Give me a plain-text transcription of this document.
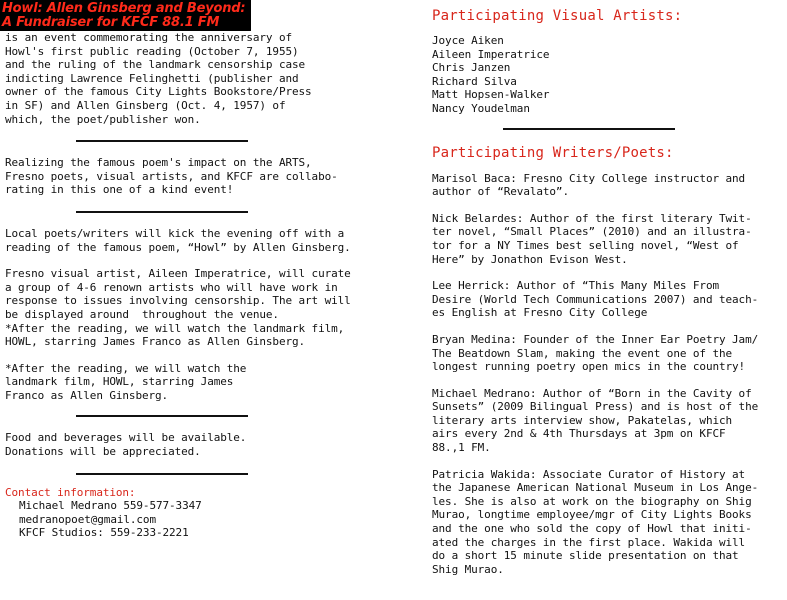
Howl: Allen Ginsberg and Beyond:
A Fundraiser for KFCF 88.1 FM

is an event commemorating the anniversary of
Howl's first public reading (October 7, 1955)
and the ruling of the landmark censorship case
indicting Lawrence Felinghetti (publisher and
owner of the famous City Lights Bookstore/Press
in SF) and Allen Ginsberg (Oct. 4, 1957) of
which, the poet/publisher won.

Realizing the famous poem's impact on the ARTS,
Fresno poets, visual artists, and KFCF are collabo-
rating in this one of a kind event!

Local poets/writers will kick the evening off with a
reading of the famous poem, “Howl” by Allen Ginsberg.

Fresno visual artist, Aileen Imperatrice, will curate
a group of 4-6 renown artists who will have work in
response to issues involving censorship. The art will
be displayed around  throughout the venue.
*After the reading, we will watch the landmark film,
HOWL, starring James Franco as Allen Ginsberg.

*After the reading, we will watch the
landmark film, HOWL, starring James
Franco as Allen Ginsberg.

Food and beverages will be available.
Donations will be appreciated.

Contact information:

Michael Medrano 559-577-3347

medranopoet@gmail.com

KFCF Studios: 559-233-2221

Participating Visual Artists:

Joyce Aiken

Aileen Imperatrice

Chris Janzen

Richard Silva

Matt Hopsen-Walker

Nancy Youdelman

Participating Writers/Poets:

Marisol Baca: Fresno City College instructor and
author of “Revalato”.

Nick Belardes: Author of the first literary Twit-
ter novel, “Small Places” (2010) and an illustra-
tor for a NY Times best selling novel, “West of
Here” by Jonathon Evison West.

Lee Herrick: Author of “This Many Miles From
Desire (World Tech Communications 2007) and teach-
es English at Fresno City College

Bryan Medina: Founder of the Inner Ear Poetry Jam/
The Beatdown Slam, making the event one of the
longest running poetry open mics in the country!

Michael Medrano: Author of “Born in the Cavity of
Sunsets” (2009 Bilingual Press) and is host of the
literary arts interview show, Pakatelas, which
airs every 2nd & 4th Thursdays at 3pm on KFCF
88.,1 FM.

Patricia Wakida: Associate Curator of History at
the Japanese American National Museum in Los Ange-
les. She is also at work on the biography on Shig
Murao, longtime employee/mgr of City Lights Books
and the one who sold the copy of Howl that initi-
ated the charges in the first place. Wakida will
do a short 15 minute slide presentation on that
Shig Murao.
